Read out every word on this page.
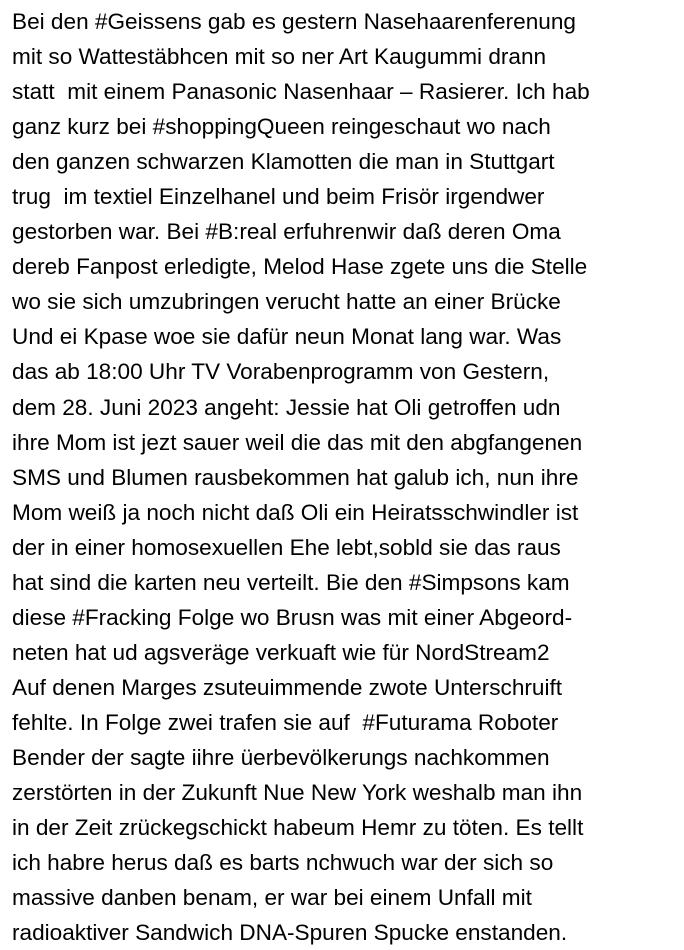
Bei den #Geissens gab es gestern Nasehaarenferenung
mit so Wattestäbhcen mit so ner Art Kaugummi drann
statt  mit einem Panasonic Nasenhaar – Rasierer. Ich hab
ganz kurz bei #shoppingQueen reingeschaut wo nach
den ganzen schwarzen Klamotten die man in Stuttgart
trug  im textiel Einzelhanel und beim Frisör irgendwer
gestorben war. Bei #B:real erfuhrenwir daß deren Oma
dereb Fanpost erledigte, Melod Hase zgete uns die Stelle
wo sie sich umzubringen verucht hatte an einer Brücke
Und ei Kpase woe sie dafür neun Monat lang war. Was
das ab 18:00 Uhr TV Vorabenprogramm von Gestern,
dem 28. Juni 2023 angeht: Jessie hat Oli getroffen udn
ihre Mom ist jezt sauer weil die das mit den abgfangenen
SMS und Blumen rausbekommen hat galub ich, nun ihre
Mom weiß ja noch nicht daß Oli ein Heiratsschwindler ist
der in einer homosexuellen Ehe lebt,sobld sie das raus
hat sind die karten neu verteilt. Bie den #Simpsons kam
diese #Fracking Folge wo Brusn was mit einer Abgeord-
neten hat ud agsveräge verkuaft wie für NordStream2
Auf denen Marges zsuteuimmende zwote Unterschruift
fehlte. In Folge zwei trafen sie auf  #Futurama Roboter
Bender der sagte iihre üerbevölkerungs nachkommen
zerstörten in der Zukunft Nue New York weshalb man ihn
in der Zeit zrückegschickt habeum Hemr zu töten. Es tellt
ich habre herus daß es barts nchwuch war der sich so
massive danben benam, er war bei einem Unfall mit
radioaktiver Sandwich DNA-Spuren Spucke enstanden.
